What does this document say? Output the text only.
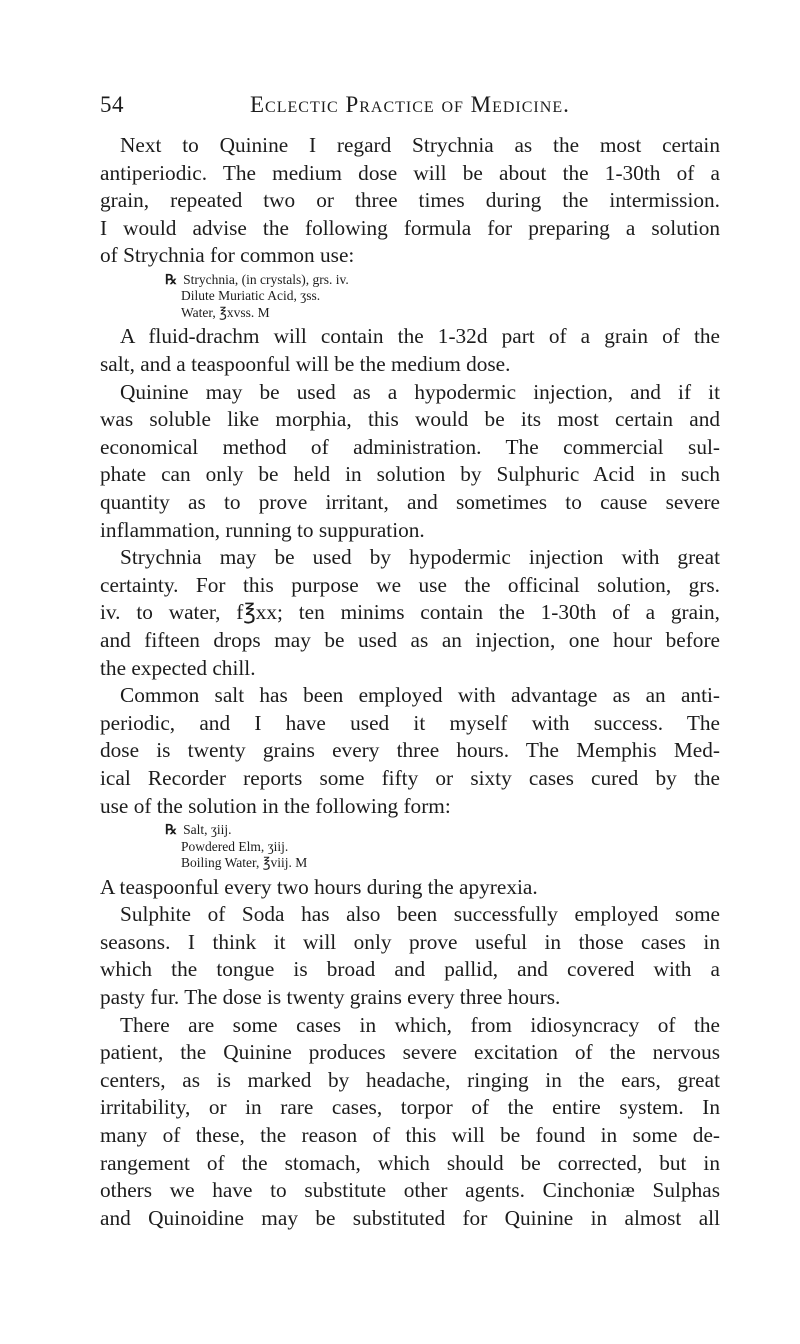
54	Eclectic Practice of Medicine.
Next to Quinine I regard Strychnia as the most certain
antiperiodic. The medium dose will be about the 1-30th of a
grain, repeated two or three times during the intermission.
I would advise the following formula for preparing a solution
of Strychnia for common use:
℞ Strychnia, (in crystals), grs. iv.
Dilute Muriatic Acid, ʒss.
Water, ℥xvss. M
A fluid-drachm will contain the 1-32d part of a grain of the
salt, and a teaspoonful will be the medium dose.
Quinine may be used as a hypodermic injection, and if it
was soluble like morphia, this would be its most certain and
economical method of administration. The commercial sul-
phate can only be held in solution by Sulphuric Acid in such
quantity as to prove irritant, and sometimes to cause severe
inflammation, running to suppuration.
Strychnia may be used by hypodermic injection with great
certainty. For this purpose we use the officinal solution, grs.
iv. to water, f℥xx; ten minims contain the 1-30th of a grain,
and fifteen drops may be used as an injection, one hour before
the expected chill.
Common salt has been employed with advantage as an anti-
periodic, and I have used it myself with success. The
dose is twenty grains every three hours. The Memphis Med-
ical Recorder reports some fifty or sixty cases cured by the
use of the solution in the following form:
℞ Salt, ʒiij.
Powdered Elm, ʒiij.
Boiling Water, ℥viij. M
A teaspoonful every two hours during the apyrexia.
Sulphite of Soda has also been successfully employed some
seasons. I think it will only prove useful in those cases in
which the tongue is broad and pallid, and covered with a
pasty fur. The dose is twenty grains every three hours.
There are some cases in which, from idiosyncracy of the
patient, the Quinine produces severe excitation of the nervous
centers, as is marked by headache, ringing in the ears, great
irritability, or in rare cases, torpor of the entire system. In
many of these, the reason of this will be found in some de-
rangement of the stomach, which should be corrected, but in
others we have to substitute other agents. Cinchoniæ Sulphas
and Quinoidine may be substituted for Quinine in almost all
